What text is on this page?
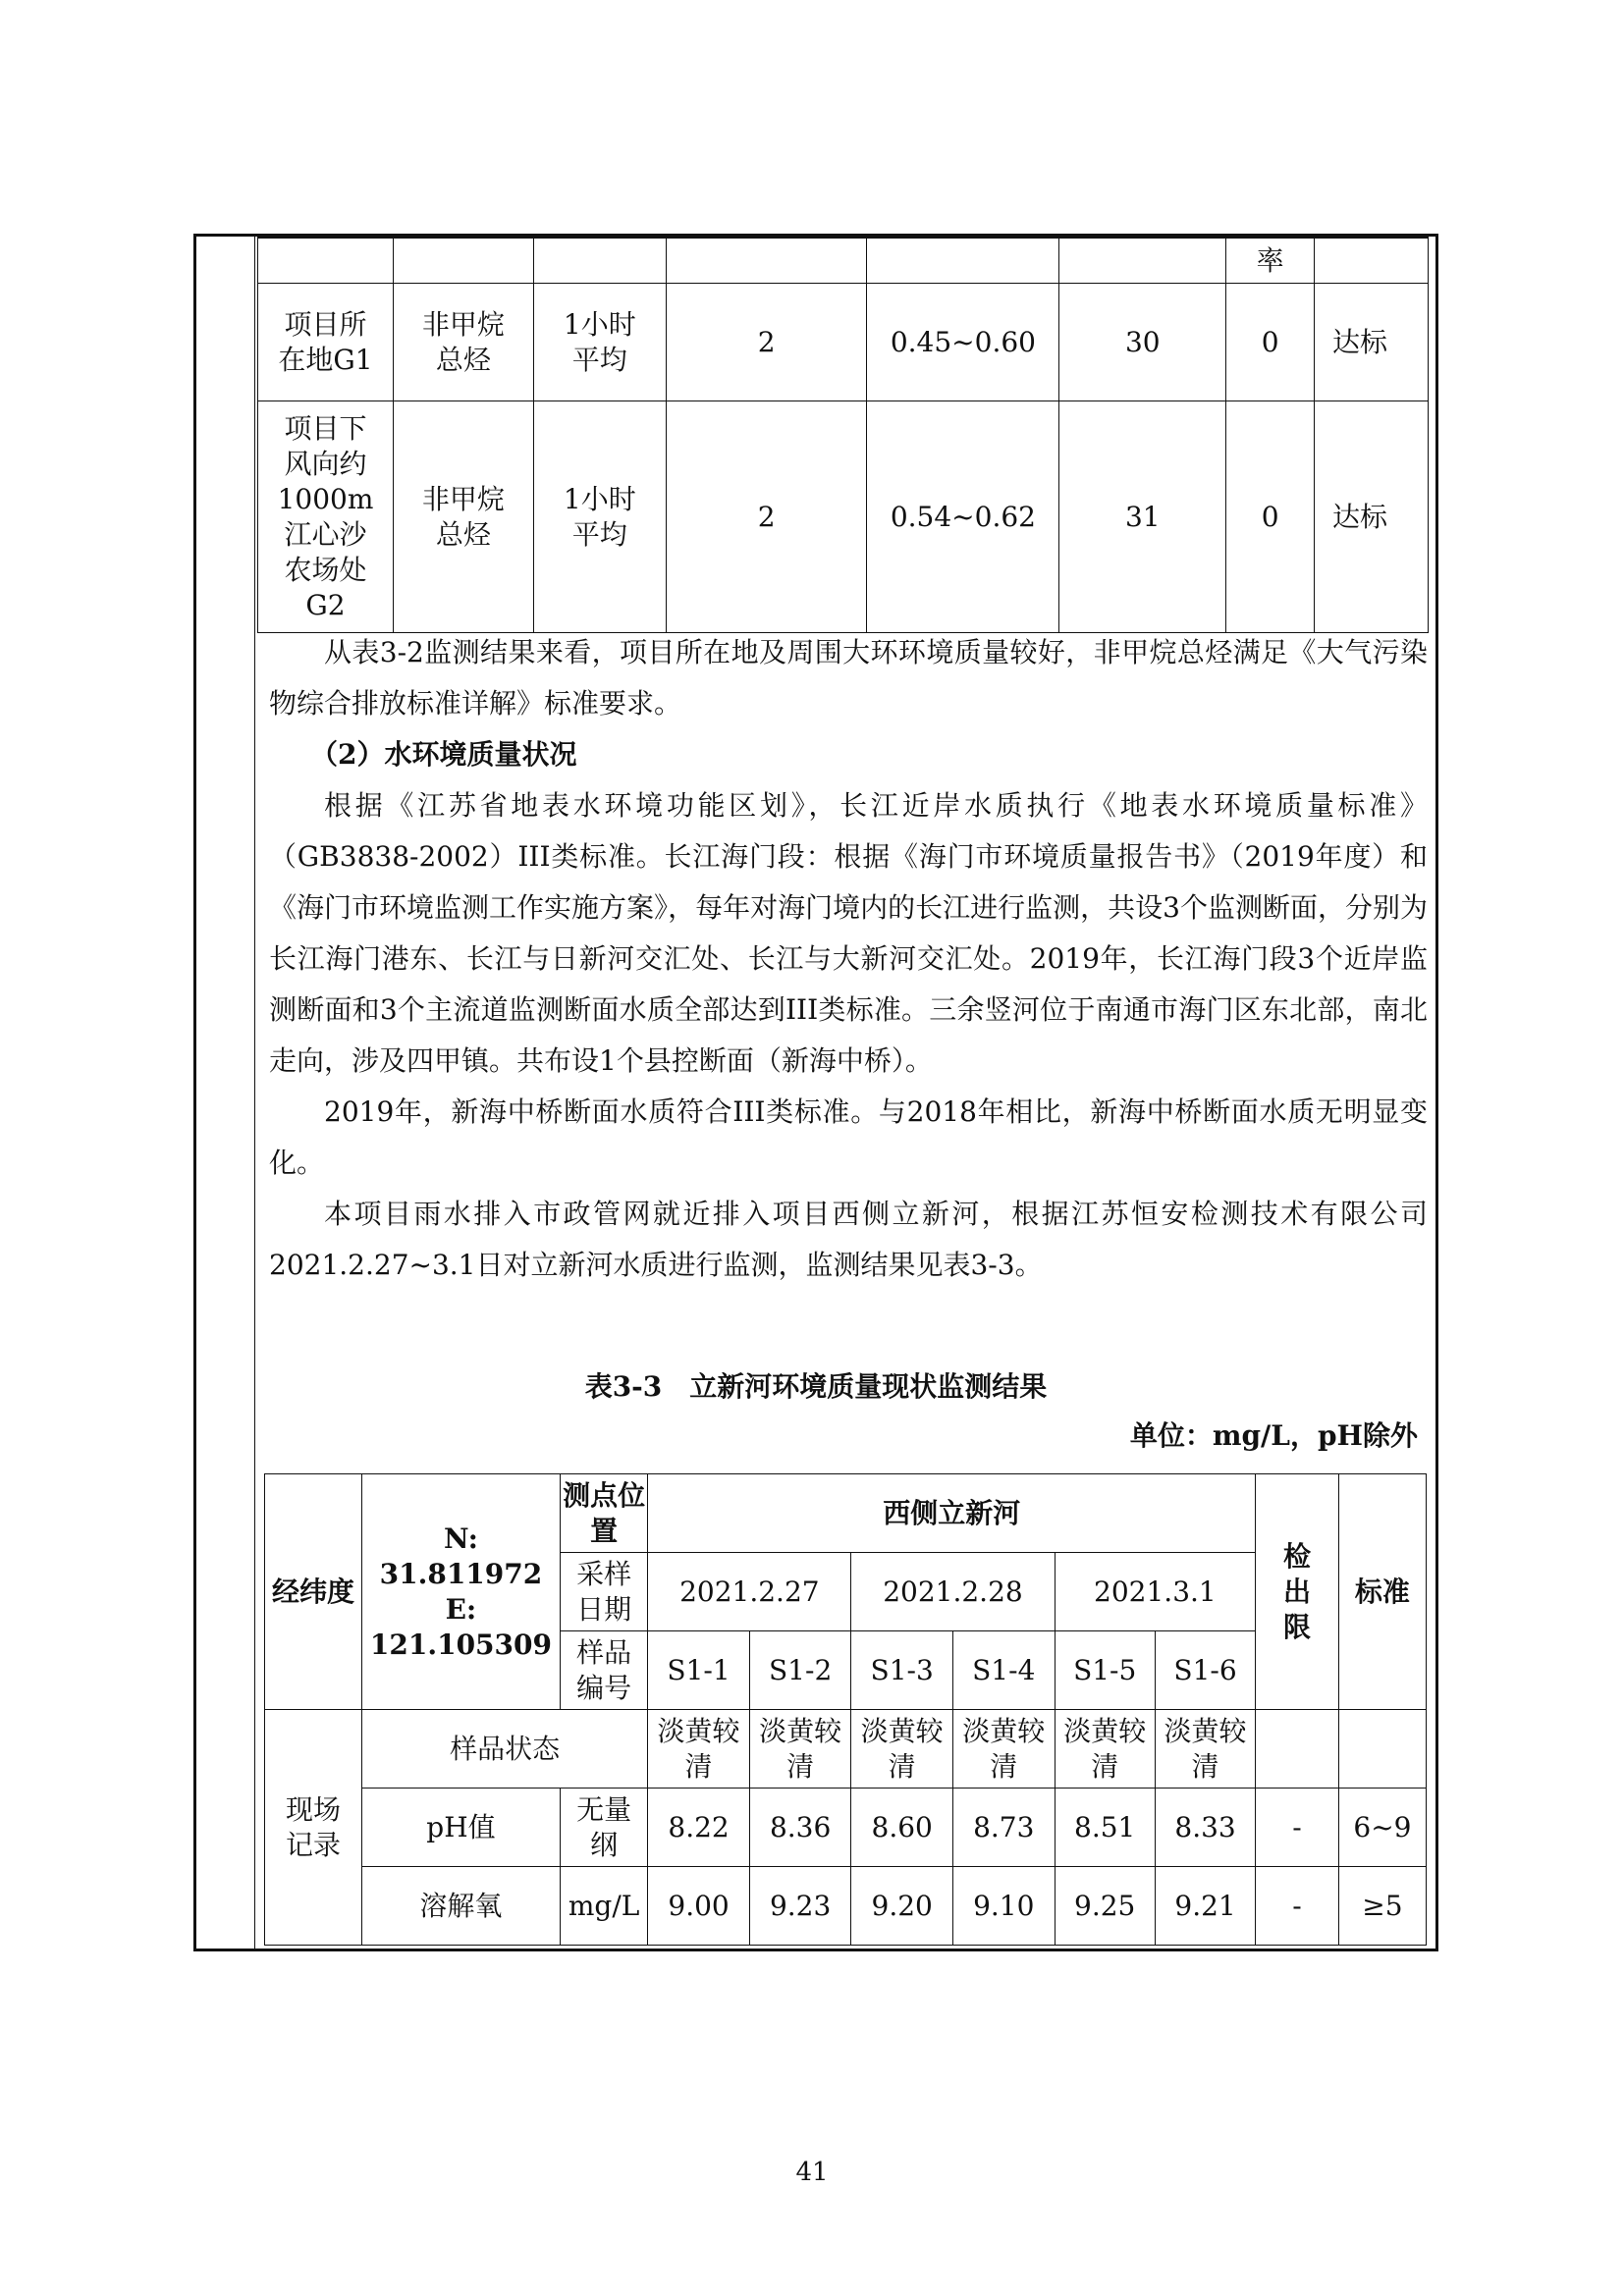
						率	
项目所在地G1	非甲烷总烃	1小时平均	2	0.45~0.60	30	0	达标
项目下风向约1000m江心沙农场处G2	非甲烷总烃	1小时平均	2	0.54~0.62	31	0	达标

从表3-2监测结果来看，项目所在地及周围大环环境质量较好，非甲烷总烃满足《大气污染物综合排放标准详解》标准要求。

（2）水环境质量状况

根据《江苏省地表水环境功能区划》，长江近岸水质执行《地表水环境质量标准》（GB3838-2002）III类标准。长江海门段：根据《海门市环境质量报告书》（2019年度）和《海门市环境监测工作实施方案》，每年对海门境内的长江进行监测，共设3个监测断面，分别为长江海门港东、长江与日新河交汇处、长江与大新河交汇处。2019年，长江海门段3个近岸监测断面和3个主流道监测断面水质全部达到III类标准。三余竖河位于南通市海门区东北部，南北走向，涉及四甲镇。共布设1个县控断面（新海中桥）。

2019年，新海中桥断面水质符合III类标准。与2018年相比，新海中桥断面水质无明显变化。

本项目雨水排入市政管网就近排入项目西侧立新河，根据江苏恒安检测技术有限公司2021.2.27~3.1日对立新河水质进行监测，监测结果见表3-3。

表3-3　立新河环境质量现状监测结果
单位：mg/L，pH除外
经纬度	N: 31.811972 E: 121.105309	测点位置	西侧立新河						检出限	标准
		采样日期	2021.2.27		2021.2.28		2021.3.1			
		样品编号	S1-1	S1-2	S1-3	S1-4	S1-5	S1-6		
现场记录	样品状态		淡黄较清	淡黄较清	淡黄较清	淡黄较清	淡黄较清	淡黄较清		
	pH值	无量纲	8.22	8.36	8.60	8.73	8.51	8.33	-	6~9
	溶解氧	mg/L	9.00	9.23	9.20	9.10	9.25	9.21	-	≥5
41
